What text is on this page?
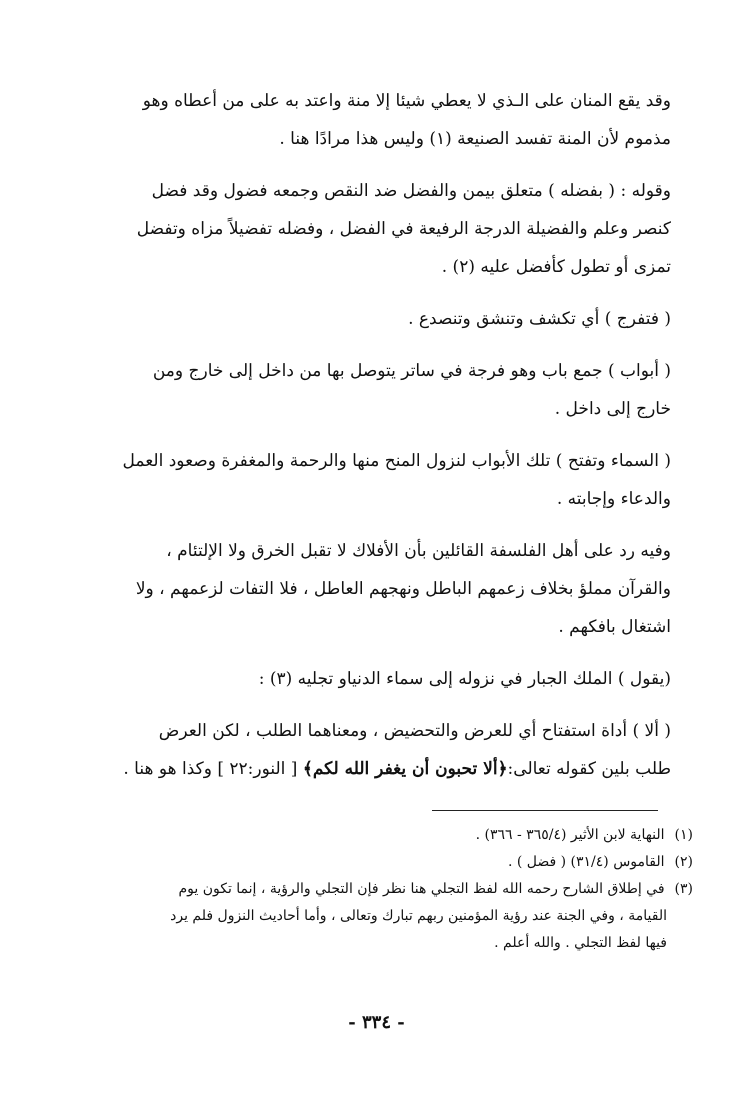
وقد يقع المنان على الـذي لا يعطي شيئا إلا منة واعتد به على من أعطاه وهو
مذموم لأن المنة تفسد الصنيعة (١) وليس هذا مرادًا هنا .

وقوله : ( بفضله ) متعلق بيمن والفضل ضد النقص وجمعه فضول وقد فضل
كنصر وعلم والفضيلة الدرجة الرفيعة في الفضل ، وفضله تفضيلاً مزاه وتفضل
تمزى أو تطول كأفضل عليه (٢) .

( فتفرج ) أي تكشف وتنشق وتنصدع .

( أبواب ) جمع باب وهو فرجة في ساتر يتوصل بها من داخل إلى خارج ومن
خارج إلى داخل .

( السماء وتفتح ) تلك الأبواب لنزول المنح منها والرحمة والمغفرة وصعود العمل
والدعاء وإجابته .

وفيه رد على أهل الفلسفة القائلين بأن الأفلاك لا تقبل الخرق ولا الإلتئام ،
والقرآن مملؤ بخلاف زعمهم الباطل ونهجهم العاطل ، فلا التفات لزعمهم ، ولا
اشتغال بافكهم .

(يقول ) الملك الجبار في نزوله إلى سماء الدنياو تجليه (٣) :

( ألا ) أداة استفتاح أي للعرض والتحضيض ، ومعناهما الطلب ، لكن العرض
طلب بلين كقوله تعالى:﴿ألا تحبون أن يغفر الله لكم﴾ [ النور:٢٢ ] وكذا هو هنا .

(١) النهاية لابن الأثير (٣٦٥/٤ - ٣٦٦) .

(٢) القاموس (٣١/٤) ( فضل ) .

(٣) في إطلاق الشارح رحمه الله لفظ التجلي هنا نظر فإن التجلي والرؤية ، إنما تكون يوم
القيامة ، وفي الجنة عند رؤية المؤمنين ربهم تبارك وتعالى ، وأما أحاديث النزول فلم يرد
فيها لفظ التجلي . والله أعلم .

- ٣٣٤ -
